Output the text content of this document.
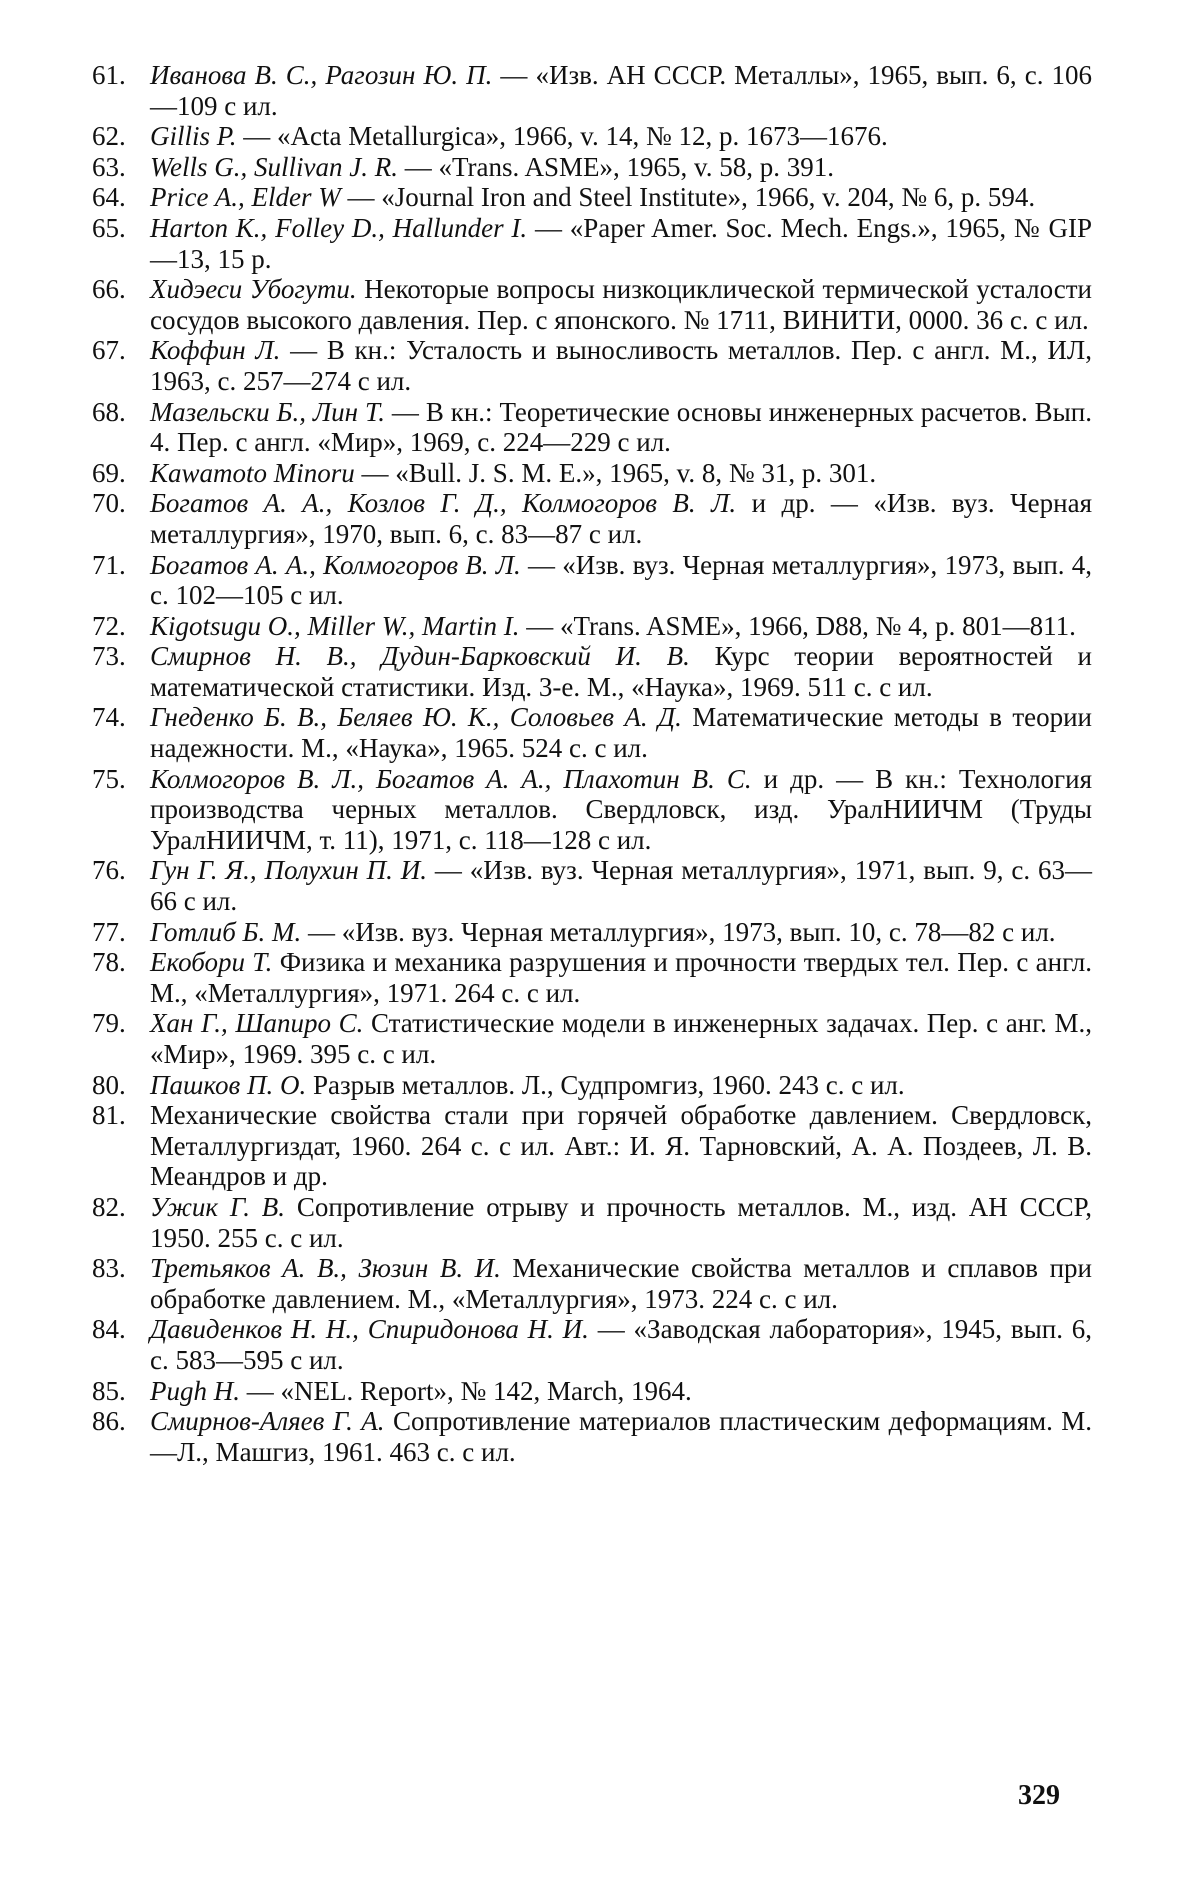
61. Иванова В. С., Рагозин Ю. П. — «Изв. АН СССР. Металлы», 1965, вып. 6, с. 106—109 с ил.
62. Gillis P. — «Acta Metallurgica», 1966, v. 14, № 12, p. 1673—1676.
63. Wells G., Sullivan J. R. — «Trans. ASME», 1965, v. 58, p. 391.
64. Price A., Elder W — «Journal Iron and Steel Institute», 1966, v. 204, № 6, p. 594.
65. Harton K., Folley D., Hallunder I. — «Paper Amer. Soc. Mech. Engs.», 1965, № GIP—13, 15 p.
66. Хидэеси Убогути. Некоторые вопросы низкоциклической термической усталости сосудов высокого давления. Пер. с японского. № 1711, ВИНИТИ, 0000. 36 с. с ил.
67. Коффин Л. — В кн.: Усталость и выносливость металлов. Пер. с англ. М., ИЛ, 1963, с. 257—274 с ил.
68. Мазельски Б., Лин Т. — В кн.: Теоретические основы инженерных расчетов. Вып. 4. Пер. с англ. «Мир», 1969, с. 224—229 с ил.
69. Kawamoto Minoru — «Bull. J. S. M. E.», 1965, v. 8, № 31, p. 301.
70. Богатов А. А., Козлов Г. Д., Колмогоров В. Л. и др. — «Изв. вуз. Черная металлургия», 1970, вып. 6, с. 83—87 с ил.
71. Богатов А. А., Колмогоров В. Л. — «Изв. вуз. Черная металлургия», 1973, вып. 4, с. 102—105 с ил.
72. Kigotsugu O., Miller W., Martin I. — «Trans. ASME», 1966, D88, № 4, p. 801—811.
73. Смирнов Н. В., Дудин-Барковский И. В. Курс теории вероятностей и математической статистики. Изд. 3-е. М., «Наука», 1969. 511 с. с ил.
74. Гнеденко Б. В., Беляев Ю. К., Соловьев А. Д. Математические методы в теории надежности. М., «Наука», 1965. 524 с. с ил.
75. Колмогоров В. Л., Богатов А. А., Плахотин В. С. и др. — В кн.: Технология производства черных металлов. Свердловск, изд. УралНИИЧМ (Труды УралНИИЧМ, т. 11), 1971, с. 118—128 с ил.
76. Гун Г. Я., Полухин П. И. — «Изв. вуз. Черная металлургия», 1971, вып. 9, с. 63—66 с ил.
77. Готлиб Б. М. — «Изв. вуз. Черная металлургия», 1973, вып. 10, с. 78—82 с ил.
78. Екобори Т. Физика и механика разрушения и прочности твердых тел. Пер. с англ. М., «Металлургия», 1971. 264 с. с ил.
79. Хан Г., Шапиро С. Статистические модели в инженерных задачах. Пер. с анг. М., «Мир», 1969. 395 с. с ил.
80. Пашков П. О. Разрыв металлов. Л., Судпромгиз, 1960. 243 с. с ил.
81. Механические свойства стали при горячей обработке давлением. Свердловск, Металлургиздат, 1960. 264 с. с ил. Авт.: И. Я. Тарновский, А. А. Поздеев, Л. В. Меандров и др.
82. Ужик Г. В. Сопротивление отрыву и прочность металлов. М., изд. АН СССР, 1950. 255 с. с ил.
83. Третьяков А. В., Зюзин В. И. Механические свойства металлов и сплавов при обработке давлением. М., «Металлургия», 1973. 224 с. с ил.
84. Давиденков Н. Н., Спиридонова Н. И. — «Заводская лаборатория», 1945, вып. 6, с. 583—595 с ил.
85. Pugh H. — «NEL. Report», № 142, March, 1964.
86. Смирнов-Аляев Г. А. Сопротивление материалов пластическим деформациям. М.—Л., Машгиз, 1961. 463 с. с ил.
329
